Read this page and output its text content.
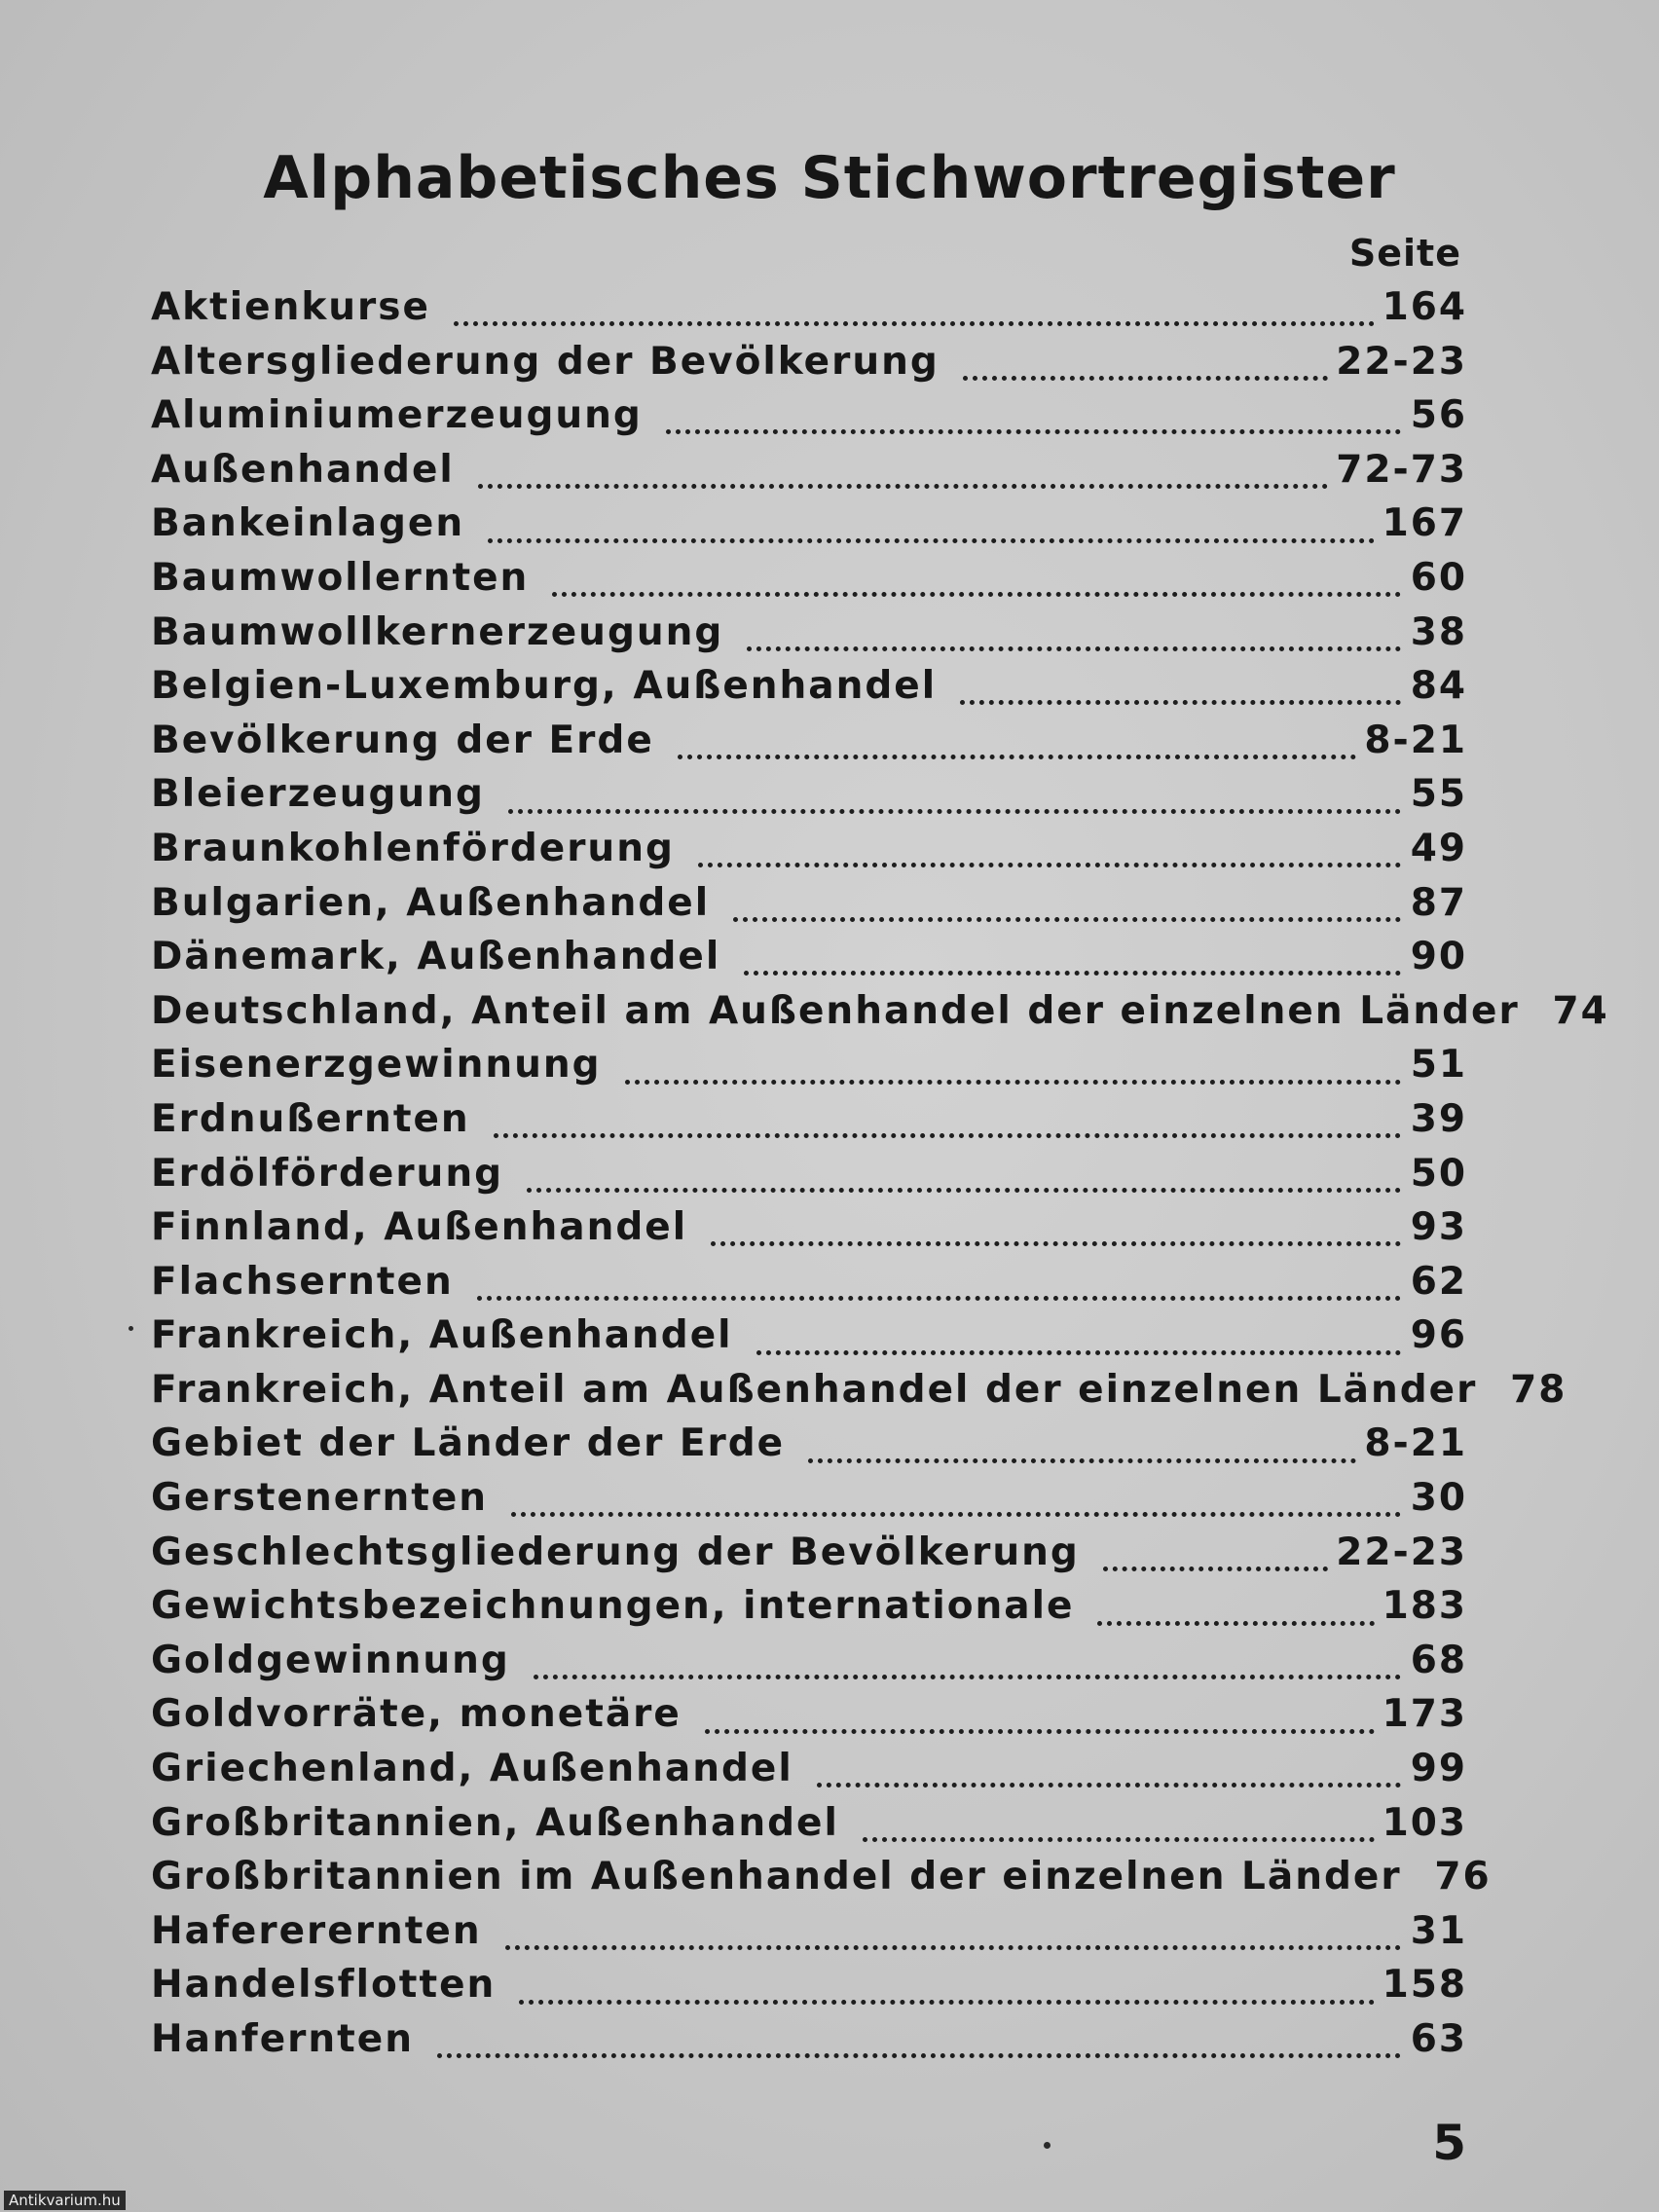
Alphabetisches Stichwortregister
Seite
Aktienkurse	164
Altersgliederung der Bevölkerung	22-23
Aluminiumerzeugung	56
Außenhandel	72-73
Bankeinlagen	167
Baumwollernten	60
Baumwollkernerzeugung	38
Belgien-Luxemburg, Außenhandel	84
Bevölkerung der Erde	8-21
Bleierzeugung	55
Braunkohlenförderung	49
Bulgarien, Außenhandel	87
Dänemark, Außenhandel	90
Deutschland, Anteil am Außenhandel der einzelnen Länder 74
Eisenerzgewinnung	51
Erdnußernten	39
Erdölförderung	50
Finnland, Außenhandel	93
Flachsernten	62
Frankreich, Außenhandel	96
Frankreich, Anteil am Außenhandel der einzelnen Länder 78
Gebiet der Länder der Erde	8-21
Gerstenernten	30
Geschlechtsgliederung der Bevölkerung	22-23
Gewichtsbezeichnungen, internationale	183
Goldgewinnung	68
Goldvorräte, monetäre	173
Griechenland, Außenhandel	99
Großbritannien, Außenhandel	103
Großbritannien im Außenhandel der einzelnen Länder 76
Hafererernten	31
Handelsflotten	158
Hanfernten	63
5
Antikvarium.hu
